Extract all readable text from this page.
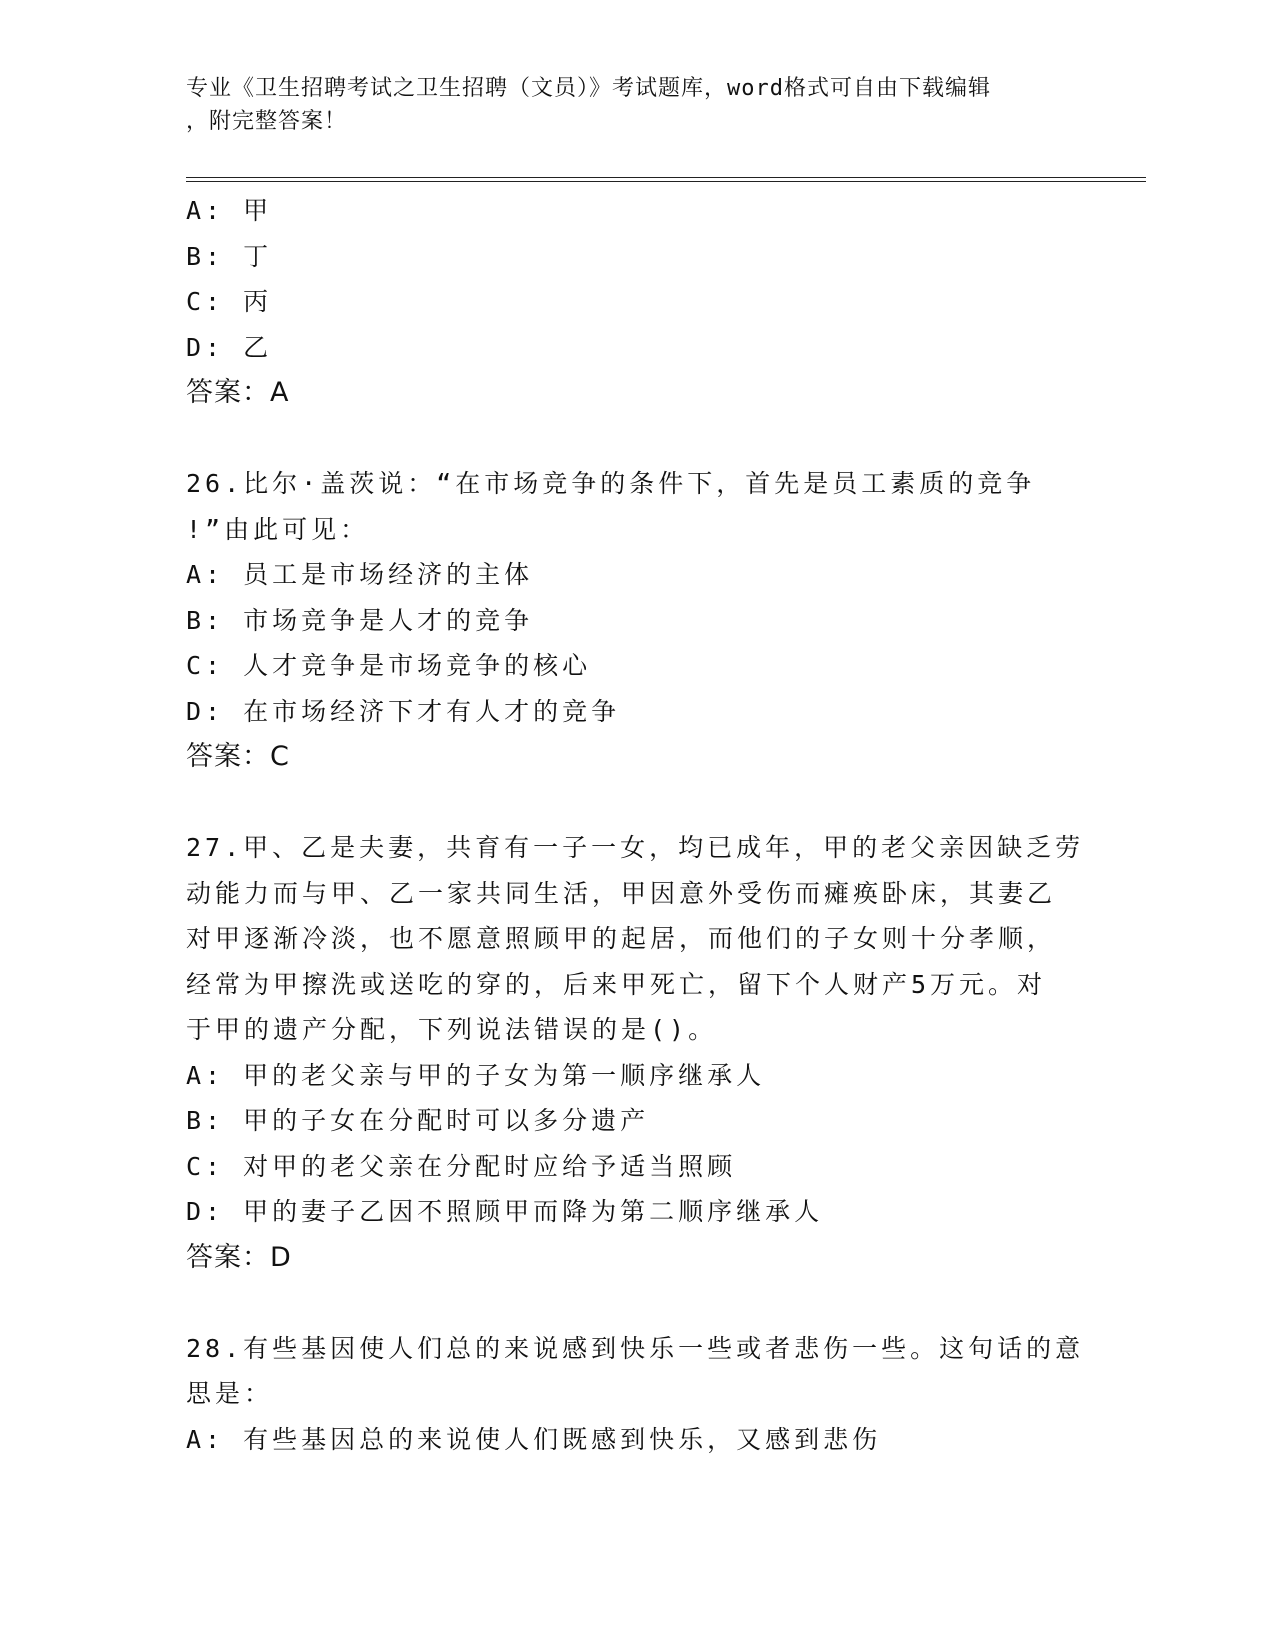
专业《卫生招聘考试之卫生招聘（文员）》考试题库，word格式可自由下载编辑
，附完整答案！
A: 甲
B: 丁
C: 丙
D: 乙
答案：A
26.比尔·盖茨说：“在市场竞争的条件下，首先是员工素质的竞争
!”由此可见：
A: 员工是市场经济的主体
B: 市场竞争是人才的竞争
C: 人才竞争是市场竞争的核心
D: 在市场经济下才有人才的竞争
答案：C
27.甲、乙是夫妻，共育有一子一女，均已成年，甲的老父亲因缺乏劳
动能力而与甲、乙一家共同生活，甲因意外受伤而瘫痪卧床，其妻乙
对甲逐渐冷淡，也不愿意照顾甲的起居，而他们的子女则十分孝顺，
经常为甲擦洗或送吃的穿的，后来甲死亡，留下个人财产5万元。对
于甲的遗产分配，下列说法错误的是()。
A: 甲的老父亲与甲的子女为第一顺序继承人
B: 甲的子女在分配时可以多分遗产
C: 对甲的老父亲在分配时应给予适当照顾
D: 甲的妻子乙因不照顾甲而降为第二顺序继承人
答案：D
28.有些基因使人们总的来说感到快乐一些或者悲伤一些。这句话的意
思是：
A: 有些基因总的来说使人们既感到快乐，又感到悲伤
